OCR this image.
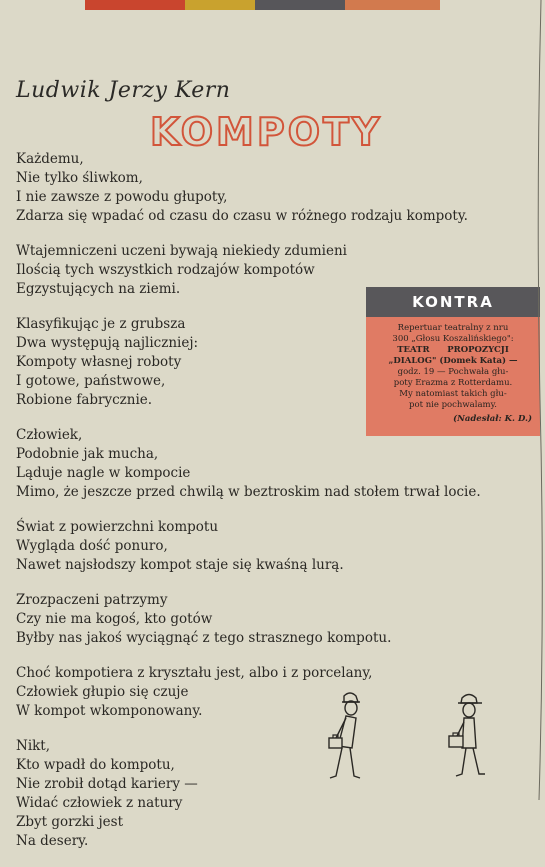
Ludwik Jerzy Kern
KOMPOTY
Każdemu,
Nie tylko śliwkom,
I nie zawsze z powodu głupoty,
Zdarza się wpadać od czasu do czasu w różnego rodzaju kompoty.
Wtajemniczeni uczeni bywają niekiedy zdumieni
Ilością tych wszystkich rodzajów kompotów
Egzystujących na ziemi.
Klasyfikując je z grubsza
Dwa występują najliczniej:
Kompoty własnej roboty
I gotowe, państwowe,
Robione fabrycznie.
Człowiek,
Podobnie jak mucha,
Ląduje nagle w kompocie
Mimo, że jeszcze przed chwilą w beztroskim nad stołem trwał locie.
Świat z powierzchni kompotu
Wygląda dość ponuro,
Nawet najsłodszy kompot staje się kwaśną lurą.
Zrozpaczeni patrzymy
Czy nie ma kogoś, kto gotów
Byłby nas jakoś wyciągnąć z tego strasznego kompotu.
Choć kompotiera z kryształu jest, albo i z porcelany,
Człowiek głupio się czuje
W kompot wkomponowany.
Nikt,
Kto wpadł do kompotu,
Nie zrobił dotąd kariery —
Widać człowiek z natury
Zbyt gorzki jest
Na desery.
KONTRA
Repertuar teatralny z nru
300 „Głosu Koszalińskiego":
TEATR      PROPOZYCJI
„DIALOG" (Domek Kata) —
godz. 19 — Pochwała głu-
poty Erazma z Rotterdamu.
My natomiast takich głu-
pot nie pochwalamy.
(Nadesłał: K. D.)
